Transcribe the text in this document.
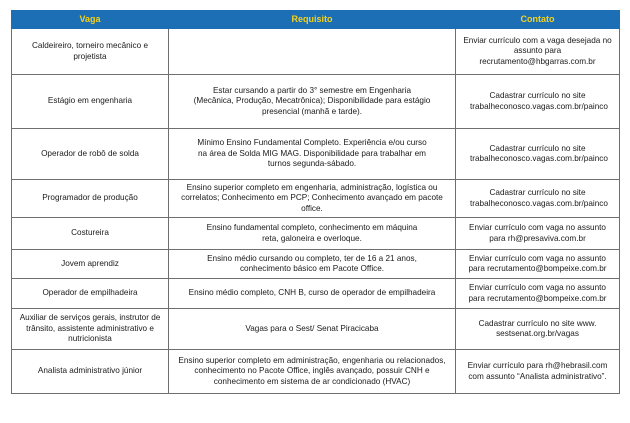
Vaga	Requisito	Contato
Caldeireiro, torneiro mecânico e projetista		Enviar currículo com a vaga desejada no assunto para recrutamento@hbgarras.com.br
Estágio em engenharia	Estar cursando a partir do 3° semestre em Engenharia (Mecânica, Produção, Mecatrônica); Disponibilidade para estágio presencial (manhã e tarde).	Cadastrar currículo no site trabalheconosco.vagas.com.br/painco
Operador de robô de solda	Mínimo Ensino Fundamental Completo. Experiência e/ou curso na área de Solda MIG MAG. Disponibilidade para trabalhar em turnos segunda-sábado.	Cadastrar currículo no site trabalheconosco.vagas.com.br/painco
Programador de produção	Ensino superior completo em engenharia, administração, logística ou correlatos; Conhecimento em PCP; Conhecimento avançado em pacote office.	Cadastrar currículo no site trabalheconosco.vagas.com.br/painco
Costureira	Ensino fundamental completo, conhecimento em máquina reta, galoneira e overloque.	Enviar currículo com vaga no assunto para rh@presaviva.com.br
Jovem aprendiz	Ensino médio cursando ou completo, ter de 16 a 21 anos, conhecimento básico em Pacote Office.	Enviar currículo com vaga no assunto para recrutamento@bompeixe.com.br
Operador de empilhadeira	Ensino médio completo, CNH B, curso de operador de empilhadeira	Enviar currículo com vaga no assunto para recrutamento@bompeixe.com.br
Auxiliar de serviços gerais, instrutor de trânsito, assistente administrativo e nutricionista	Vagas para o Sest/ Senat Piracicaba	Cadastrar currículo no site www. sestsenat.org.br/vagas
Analista administrativo júnior	Ensino superior completo em administração, engenharia ou relacionados, conhecimento no Pacote Office, inglês avançado, possuir CNH e conhecimento em sistema de ar condicionado (HVAC)	Enviar currículo para rh@hebrasil.com com assunto “Analista administrativo”.
